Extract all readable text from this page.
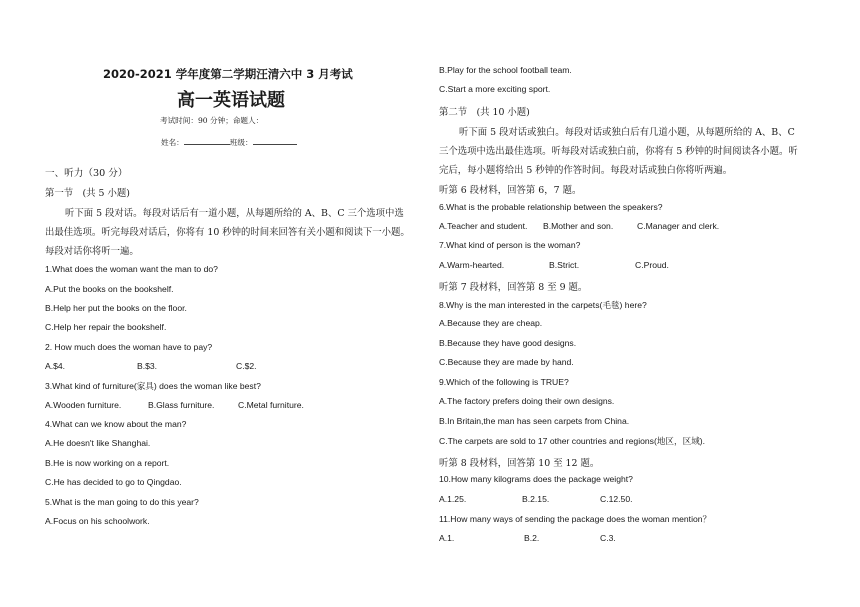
2020-2021 学年度第二学期汪清六中 3 月考试
高一英语试题
考试时间：90 分钟；命题人：
姓名：	班级：
一、听力（30 分）
第一节　(共 5 小题)
听下面 5 段对话。每段对话后有一道小题，从每题所给的 A、B、C 三个选项中选
出最佳选项。听完每段对话后，你将有 10 秒钟的时间来回答有关小题和阅读下一小题。
每段对话你将听一遍。
1.What does the woman want the man to do?
A.Put the books on the bookshelf.
B.Help her put the books on the floor.
C.Help her repair the bookshelf.
2. How much does the woman have to pay?
A.$4.	B.$3.	C.$2.
3.What kind of furniture(家具) does the woman like best?
A.Wooden furniture.	B.Glass furniture.	C.Metal furniture.
4.What can we know about the man?
A.He doesn't like Shanghai.
B.He is now working on a report.
C.He has decided to go to Qingdao.
5.What is the man going to do this year?
A.Focus on his schoolwork.
B.Play for the school football team.
C.Start a more exciting sport.
第二节　(共 10 小题)
听下面 5 段对话或独白。每段对话或独白后有几道小题，从每题所给的 A、B、C
三个选项中选出最佳选项。听每段对话或独白前，你将有 5 秒钟的时间阅读各小题。听
完后，每小题将给出 5 秒钟的作答时间。每段对话或独白你将听两遍。
听第 6 段材料，回答第 6，7 题。
6.What is the probable relationship between the speakers?
A.Teacher and student. B.Mother and son.	C.Manager and clerk.
7.What kind of person is the woman?
A.Warm-hearted.	B.Strict.	C.Proud.
听第 7 段材料，回答第 8 至 9 题。
8.Why is the man interested in the carpets(毛毯) here?
A.Because they are cheap.
B.Because they have good designs.
C.Because they are made by hand.
9.Which of the following is TRUE?
A.The factory prefers doing their own designs.
B.In Britain,the man has seen carpets from China.
C.The carpets are sold to 17 other countries and regions(地区，区域).
听第 8 段材料，回答第 10 至 12 题。
10.How many kilograms does the package weight?
A.1.25.	B.2.15.	C.12.50.
11.How many ways of sending the package does the woman mention？
A.1.	B.2.	C.3.
